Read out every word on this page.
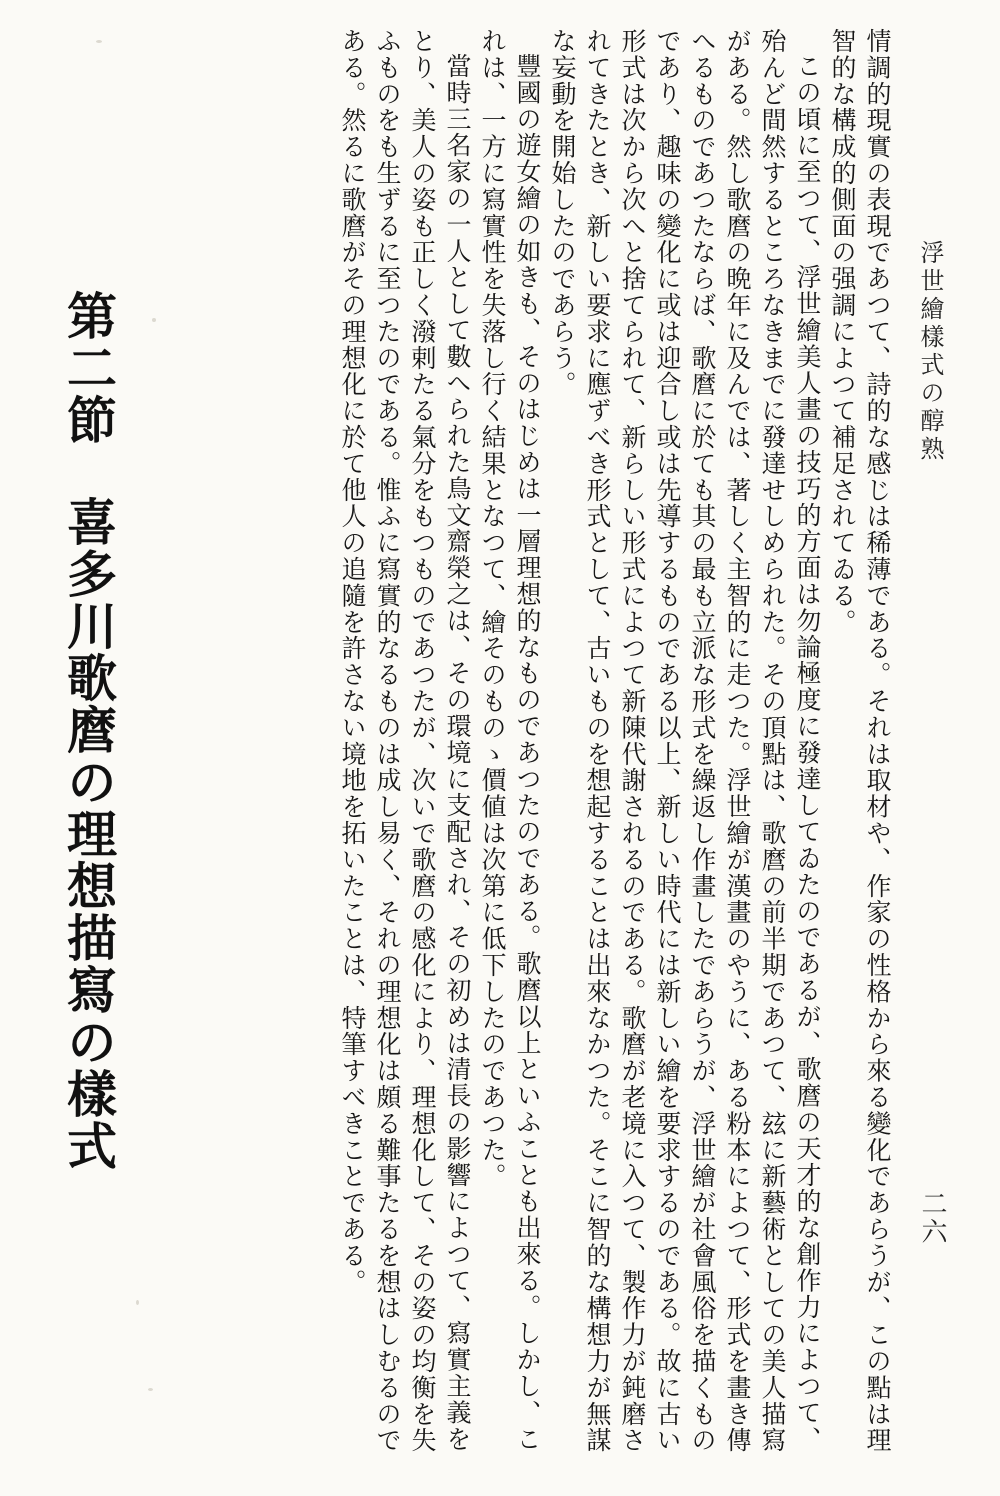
浮世繪樣式の醇熟
二六

情調的現實の表現であつて、詩的な感じは稀薄である。それは取材や、作家の性格から來る變化であらうが、この點は理智的な構成的側面の强調によつて補足されてゐる。

この頃に至つて、浮世繪美人畫の技巧的方面は勿論極度に發達してゐたのであるが、歌麿の天才的な創作力によつて、殆んど間然するところなきまでに發達せしめられた。その頂點は、歌麿の前半期であつて、玆に新藝術としての美人描寫がある。然し歌麿の晩年に及んでは、著しく主智的に走つた。浮世繪が漢畫のやうに、ある粉本によつて、形式を畫き傳へるものであつたならば、歌麿に於ても其の最も立派な形式を繰返し作畫したであらうが、浮世繪が社會風俗を描くものであり、趣味の變化に或は迎合し或は先導するものである以上、新しい時代には新しい繪を要求するのである。故に古い形式は次から次へと捨てられて、新らしい形式によつて新陳代謝されるのである。歌麿が老境に入つて、製作力が鈍磨されてきたとき、新しい要求に應ずべき形式として、古いものを想起することは出來なかつた。そこに智的な構想力が無謀な妄動を開始したのであらう。

豐國の遊女繪の如きも、そのはじめは一層理想的なものであつたのである。歌麿以上といふことも出來る。しかし、これは、一方に寫實性を失落し行く結果となつて、繪そのものゝ價値は次第に低下したのであつた。

當時三名家の一人として數へられた鳥文齋榮之は、その環境に支配され、その初めは清長の影響によつて、寫實主義をとり、美人の姿も正しく潑剌たる氣分をもつものであつたが、次いで歌麿の感化により、理想化して、その姿の均衡を失ふものをも生ずるに至つたのである。惟ふに寫實的なるものは成し易く、それの理想化は頗る難事たるを想はしむるのである。然るに歌麿がその理想化に於て他人の追隨を許さない境地を拓いたことは、特筆すべきことである。

第二節喜多川歌麿の理想描寫の樣式
